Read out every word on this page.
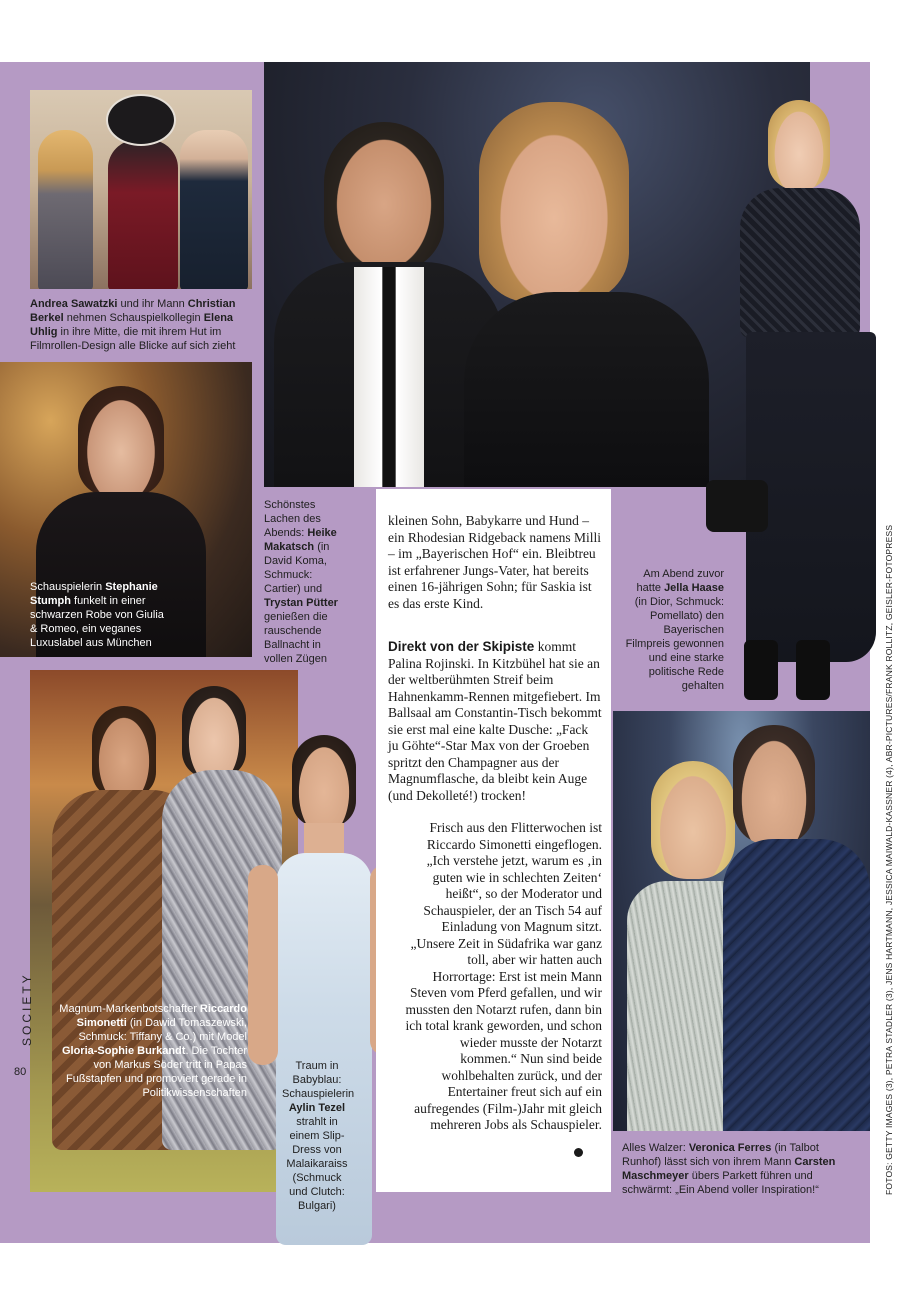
Andrea Sawatzki und ihr Mann Christian Berkel nehmen Schauspielkollegin Elena Uhlig in ihre Mitte, die mit ihrem Hut im Filmrollen-Design alle Blicke auf sich zieht
Schauspielerin Stephanie Stumph funkelt in einer schwarzen Robe von Giulia & Romeo, ein veganes Luxuslabel aus München
Am Abend zuvor hatte Jella Haase (in Dior, Schmuck: Pomellato) den Bayerischen Filmpreis gewonnen und eine starke politische Rede gehalten
Schönstes Lachen des Abends: Heike Makatsch (in David Koma, Schmuck: Cartier) und Trystan Pütter genießen die rauschende Ballnacht in vollen Zügen
Magnum-Markenbotschafter Riccardo Simonetti (in Dawid Tomaszewski, Schmuck: Tiffany & Co.) mit Model Gloria-Sophie Burkandt. Die Tochter von Markus Söder tritt in Papas Fußstapfen und promoviert gerade in Politikwissenschaften
Traum in Babyblau: Schauspielerin Aylin Tezel strahlt in einem Slip-Dress von Malaikaraiss (Schmuck und Clutch: Bulgari)
Alles Walzer: Veronica Ferres (in Talbot Runhof) lässt sich von ihrem Mann Carsten Maschmeyer übers Parkett führen und schwärmt: „Ein Abend voller Inspiration!“

kleinen Sohn, Babykarre und Hund – ein Rhodesian Ridgeback namens Milli – im „Bayerischen Hof“ ein. Bleibtreu ist erfahrener Jungs-Vater, hat bereits einen 16-jährigen Sohn; für Saskia ist es das erste Kind.

Direkt von der Skipiste kommt Palina Rojinski. In Kitzbühel hat sie an der weltberühmten Streif beim Hahnenkamm-Rennen mitgefiebert. Im Ballsaal am Constantin-Tisch bekommt sie erst mal eine kalte Dusche: „Fack ju Göhte“-Star Max von der Groeben spritzt den Champagner aus der Magnumflasche, da bleibt kein Auge (und Dekolleté!) trocken!

Frisch aus den Flitterwochen ist Riccardo Simonetti eingeflogen. „Ich verstehe jetzt, warum es ‚in guten wie in schlechten Zeiten‘ heißt“, so der Moderator und Schauspieler, der an Tisch 54 auf Einladung von Magnum sitzt. „Unsere Zeit in Südafrika war ganz toll, aber wir hatten auch Horrortage: Erst ist mein Mann Steven vom Pferd gefallen, und wir mussten den Notarzt rufen, dann bin ich total krank geworden, und schon wieder musste der Notarzt kommen.“ Nun sind beide wohlbehalten zurück, und der Entertainer freut sich auf ein aufregendes (Film-)Jahr mit gleich mehreren Jobs als Schauspieler.

SOCIETY
80	FOTOS: GETTY IMAGES (3), PETRA STADLER (3), JENS HARTMANN, JESSICA MAIWALD-KASSNER (4), ABR-PICTURES/FRANK ROLLITZ, GEISLER-FOTOPRESS
